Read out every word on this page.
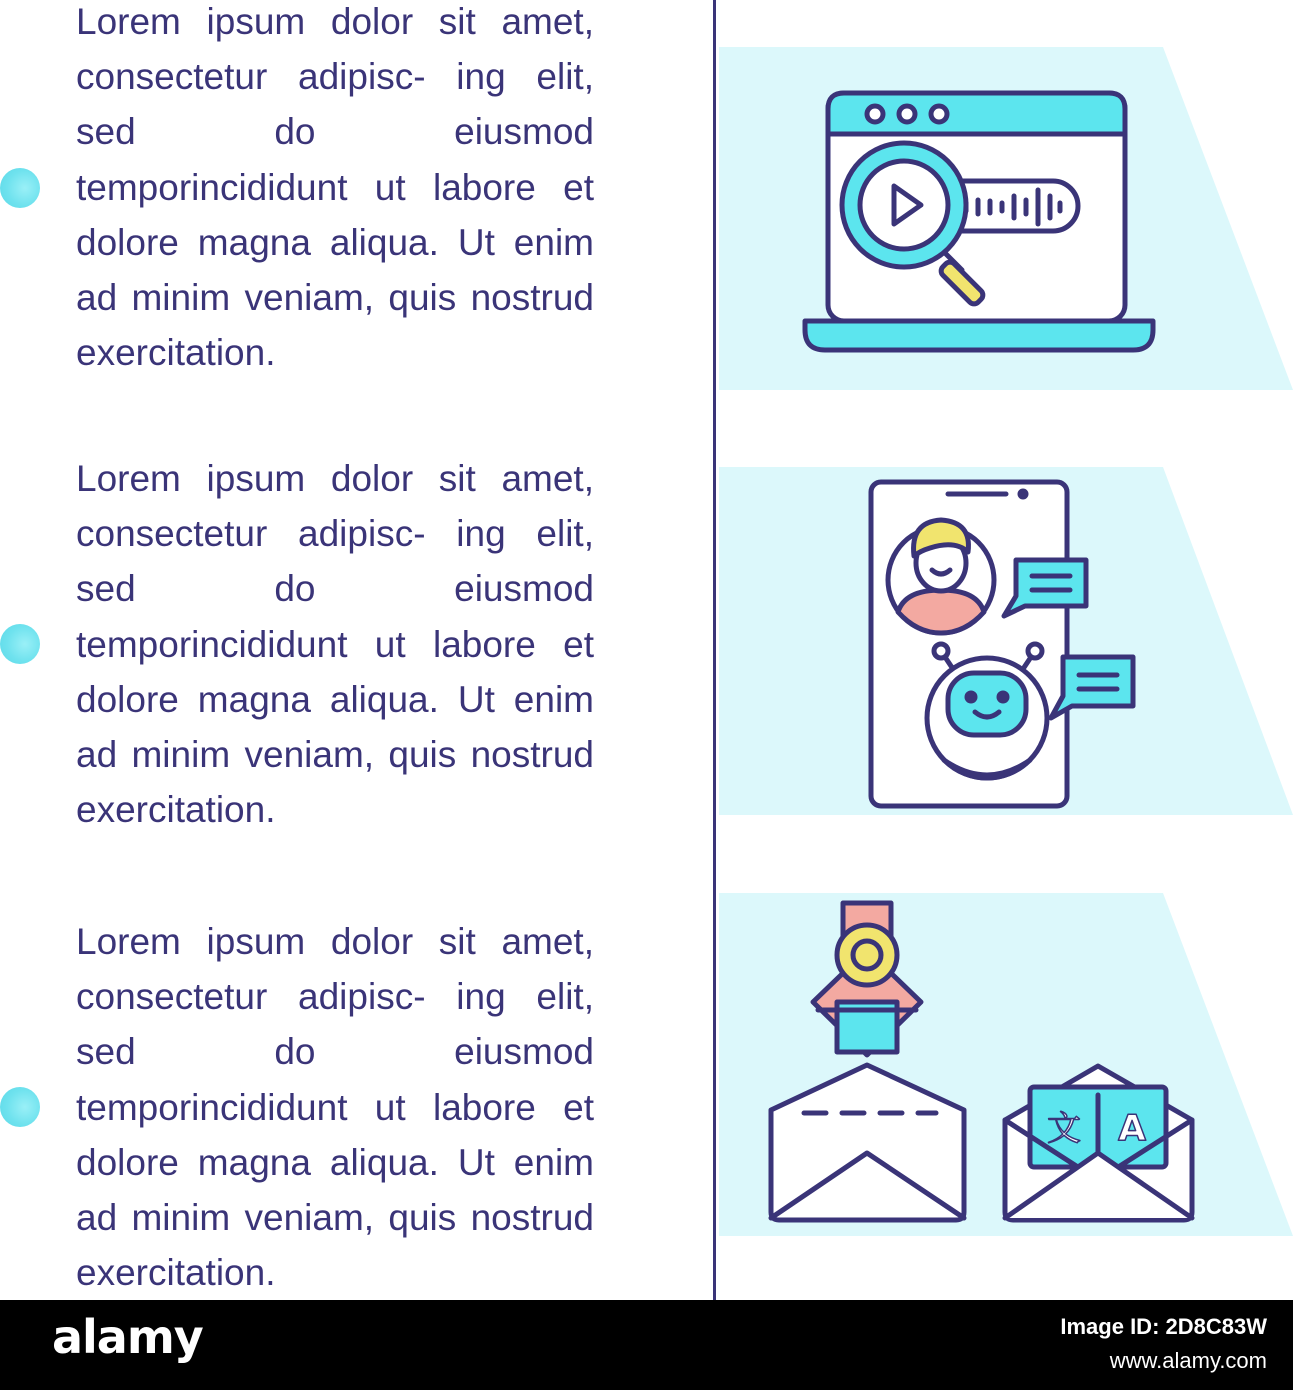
Lorem ipsum dolor sit amet, consectetur adipisc- ing elit, sed do eiusmod temporincididunt ut labore et dolore magna aliqua. Ut enim ad minim veniam, quis nostrud exercitation.
Lorem ipsum dolor sit amet, consectetur adipisc- ing elit, sed do eiusmod temporincididunt ut labore et dolore magna aliqua. Ut enim ad minim veniam, quis nostrud exercitation.
Lorem ipsum dolor sit amet, consectetur adipisc- ing elit, sed do eiusmod temporincididunt ut labore et dolore magna aliqua. Ut enim ad minim veniam, quis nostrud exercitation.
文 A
alamy	Image ID: 2D8C83W
www.alamy.com
